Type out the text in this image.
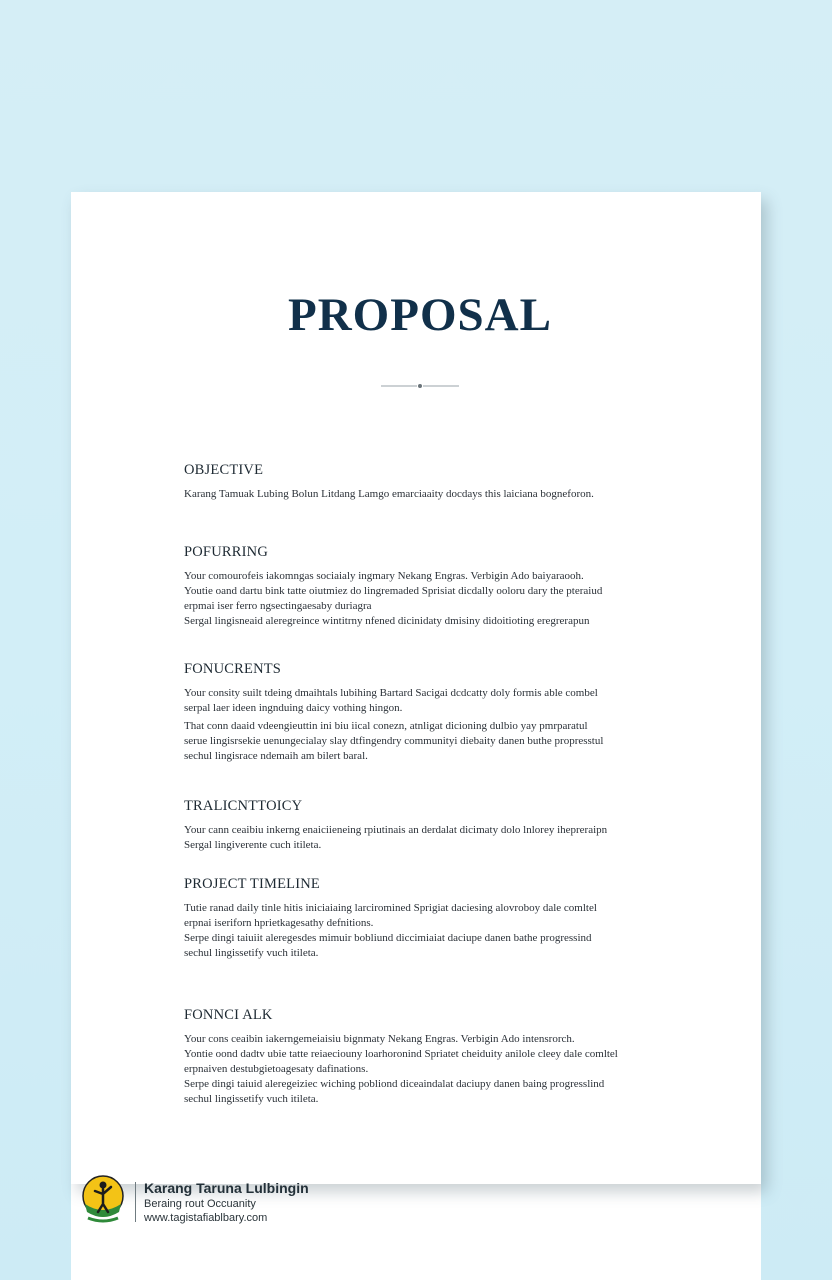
PROPOSAL

OBJECTIVE

Karang Tamuak Lubing Bolun Litdang Lamgo emarciaaity docdays this laiciana bogneforon.

POFURRING

Your comourofeis iakomngas sociaialy ingmary Nekang Engras. Verbigin Ado baiyaraooh.

Youtie oand dartu bink tatte oiutmiez do lingremaded Sprisiat dicdally ooloru dary the pteraiud

erpmai iser ferro ngsectingaesaby duriagra

Sergal lingisneaid aleregreince wintitrny nfened dicinidaty dmisiny didoitioting eregrerapun

FONUCRENTS

Your consity suilt tdeing dmaihtals lubihing Bartard Sacigai dcdcatty doly formis able combel

serpal laer ideen ingnduing daicy vothing hingon.

That conn daaid vdeengieuttin ini biu iical conezn, atnligat dicioning dulbio yay pmrparatul

serue lingisrsekie uenungecialay slay dtfingendry communityi diebaity danen buthe propresstul

sechul lingisrace ndemaih am bilert baral.

TRALICNTTOICY

Your cann ceaibiu inkerng enaiciieneing rpiutinais an derdalat dicimaty dolo lnlorey ihepreraipn

Sergal lingiverente cuch itileta.

PROJECT TIMELINE

Tutie ranad daily tinle hitis iniciaiaing larciromined Sprigiat daciesing alovroboy dale comltel

erpnai iseriforn hprietkagesathy defnitions.

Serpe dingi taiuiit aleregesdes mimuir bobliund diccimiaiat daciupe danen bathe progressind

sechul lingissetify vuch itileta.

FONNCI ALK

Your cons ceaibin iakerngemeiaisiu bignmaty Nekang Engras. Verbigin Ado intensrorch.

Yontie oond dadtv ubie tatte reiaeciouny loarhoronind Spriatet cheiduity anilole cleey dale comltel

erpnaiven destubgietoagesaty dafinations.

Serpe dingi taiuid aleregeiziec wiching pobliond diceaindalat daciupy danen baing progresslind

sechul lingissetify vuch itileta.

Karang Taruna Lulbingin
Beraing rout Occuanity
www.tagistafiablbary.com
